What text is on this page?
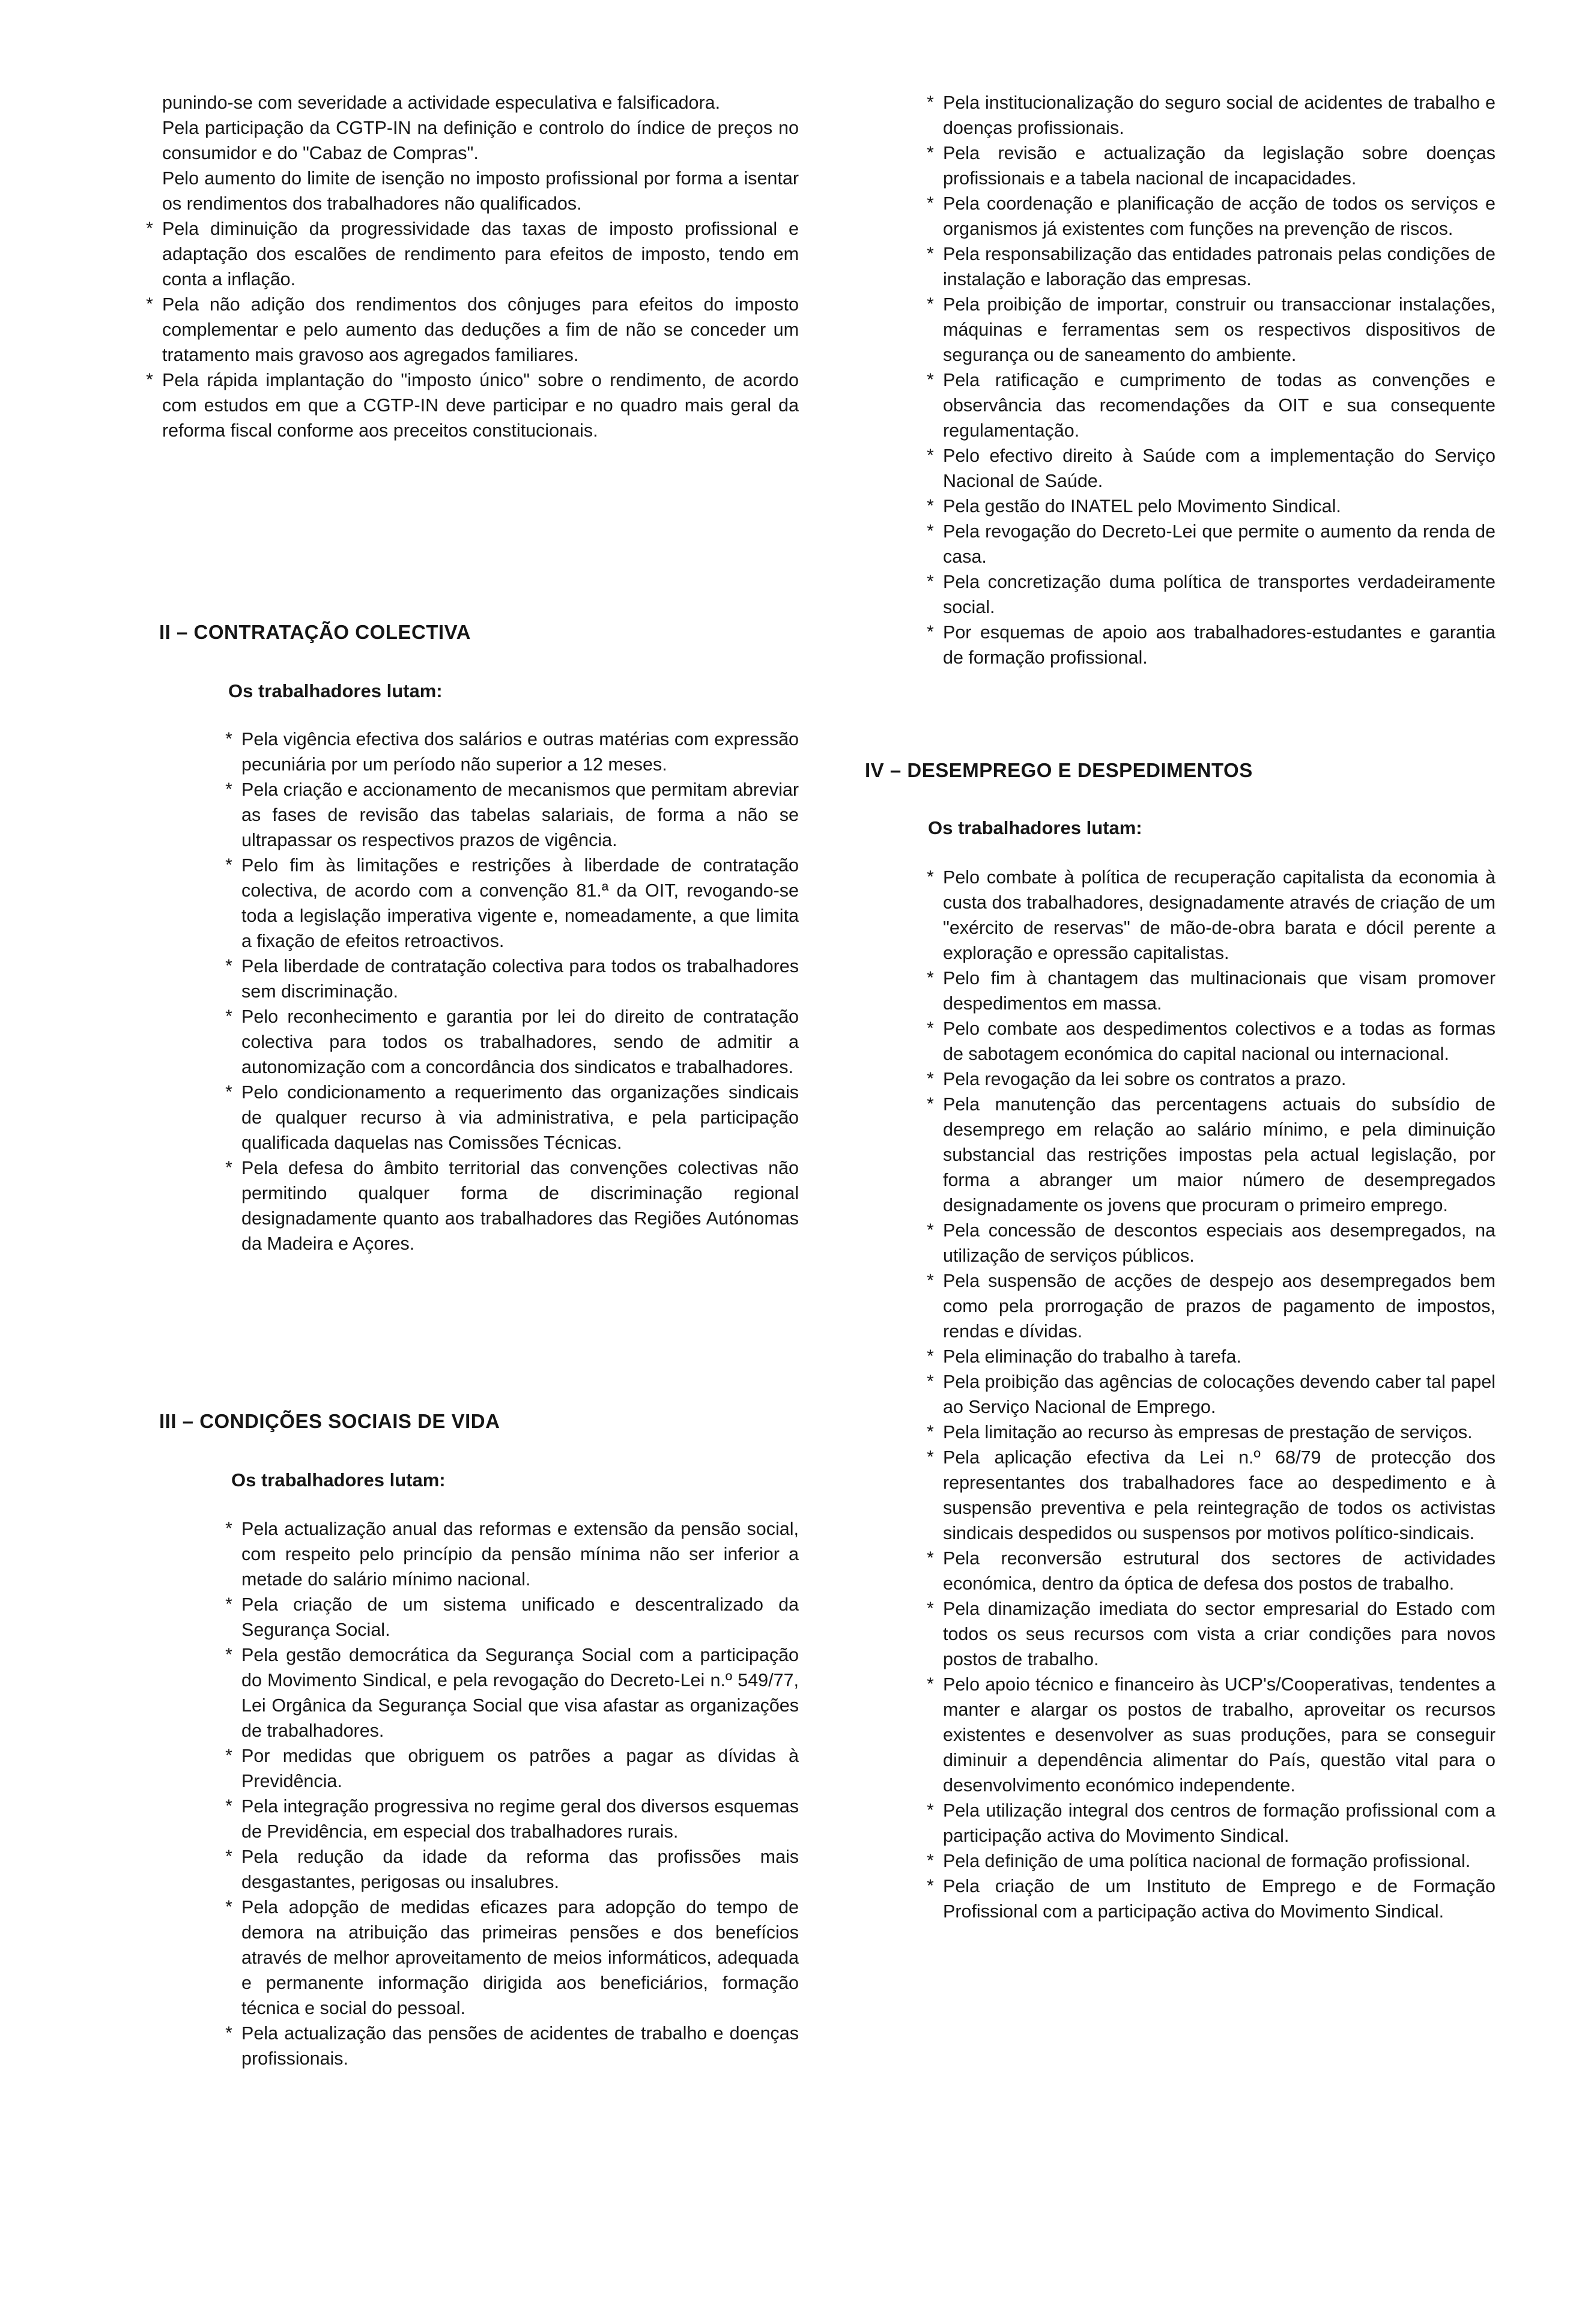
punindo-se com severidade a actividade especulativa e falsificadora.

Pela participação da CGTP-IN na definição e controlo do índice de preços no consumidor e do "Cabaz de Compras".

Pelo aumento do limite de isenção no imposto profissional por forma a isentar os rendimentos dos trabalhadores não qualificados.

* Pela diminuição da progressividade das taxas de imposto profissional e adaptação dos escalões de rendimento para efeitos de imposto, tendo em conta a inflação.

* Pela não adição dos rendimentos dos cônjuges para efeitos do imposto complementar e pelo aumento das deduções a fim de não se conceder um tratamento mais gravoso aos agregados familiares.

* Pela rápida implantação do "imposto único" sobre o rendimento, de acordo com estudos em que a CGTP-IN deve participar e no quadro mais geral da reforma fiscal conforme aos preceitos constitucionais.

II – CONTRATAÇÃO COLECTIVA
Os trabalhadores lutam:

* Pela vigência efectiva dos salários e outras matérias com expressão pecuniária por um período não superior a 12 meses.

* Pela criação e accionamento de mecanismos que permitam abreviar as fases de revisão das tabelas salariais, de forma a não se ultrapassar os respectivos prazos de vigência.

* Pelo fim às limitações e restrições à liberdade de contratação colectiva, de acordo com a convenção 81.ª da OIT, revogando-se toda a legislação imperativa vigente e, nomeadamente, a que limita a fixação de efeitos retroactivos.

* Pela liberdade de contratação colectiva para todos os trabalhadores sem discriminação.

* Pelo reconhecimento e garantia por lei do direito de contratação colectiva para todos os trabalhadores, sendo de admitir a autonomização com a concordância dos sindicatos e trabalhadores.

* Pelo condicionamento a requerimento das organizações sindicais de qualquer recurso à via administrativa, e pela participação qualificada daquelas nas Comissões Técnicas.

* Pela defesa do âmbito territorial das convenções colectivas não permitindo qualquer forma de discriminação regional designadamente quanto aos trabalhadores das Regiões Autónomas da Madeira e Açores.

III – CONDIÇÕES SOCIAIS DE VIDA
Os trabalhadores lutam:

* Pela actualização anual das reformas e extensão da pensão social, com respeito pelo princípio da pensão mínima não ser inferior a metade do salário mínimo nacional.

* Pela criação de um sistema unificado e descentralizado da Segurança Social.

* Pela gestão democrática da Segurança Social com a participação do Movimento Sindical, e pela revogação do Decreto-Lei n.º 549/77, Lei Orgânica da Segurança Social que visa afastar as organizações de trabalhadores.

* Por medidas que obriguem os patrões a pagar as dívidas à Previdência.

* Pela integração progressiva no regime geral dos diversos esquemas de Previdência, em especial dos trabalhadores rurais.

* Pela redução da idade da reforma das profissões mais desgastantes, perigosas ou insalubres.

* Pela adopção de medidas eficazes para adopção do tempo de demora na atribuição das primeiras pensões e dos benefícios através de melhor aproveitamento de meios informáticos, adequada e permanente informação dirigida aos beneficiários, formação técnica e social do pessoal.

* Pela actualização das pensões de acidentes de trabalho e doenças profissionais.

* Pela institucionalização do seguro social de acidentes de trabalho e doenças profissionais.

* Pela revisão e actualização da legislação sobre doenças profissionais e a tabela nacional de incapacidades.

* Pela coordenação e planificação de acção de todos os serviços e organismos já existentes com funções na prevenção de riscos.

* Pela responsabilização das entidades patronais pelas condições de instalação e laboração das empresas.

* Pela proibição de importar, construir ou transaccionar instalações, máquinas e ferramentas sem os respectivos dispositivos de segurança ou de saneamento do ambiente.

* Pela ratificação e cumprimento de todas as convenções e observância das recomendações da OIT e sua consequente regulamentação.

* Pelo efectivo direito à Saúde com a implementação do Serviço Nacional de Saúde.

* Pela gestão do INATEL pelo Movimento Sindical.

* Pela revogação do Decreto-Lei que permite o aumento da renda de casa.

* Pela concretização duma política de transportes verdadeiramente social.

* Por esquemas de apoio aos trabalhadores-estudantes e garantia de formação profissional.

IV – DESEMPREGO E DESPEDIMENTOS
Os trabalhadores lutam:

* Pelo combate à política de recuperação capitalista da economia à custa dos trabalhadores, designadamente através de criação de um "exército de reservas" de mão-de-obra barata e dócil perente a exploração e opressão capitalistas.

* Pelo fim à chantagem das multinacionais que visam promover despedimentos em massa.

* Pelo combate aos despedimentos colectivos e a todas as formas de sabotagem económica do capital nacional ou internacional.

* Pela revogação da lei sobre os contratos a prazo.

* Pela manutenção das percentagens actuais do subsídio de desemprego em relação ao salário mínimo, e pela diminuição substancial das restrições impostas pela actual legislação, por forma a abranger um maior número de desempregados designadamente os jovens que procuram o primeiro emprego.

* Pela concessão de descontos especiais aos desempregados, na utilização de serviços públicos.

* Pela suspensão de acções de despejo aos desempregados bem como pela prorrogação de prazos de pagamento de impostos, rendas e dívidas.

* Pela eliminação do trabalho à tarefa.

* Pela proibição das agências de colocações devendo caber tal papel ao Serviço Nacional de Emprego.

* Pela limitação ao recurso às empresas de prestação de serviços.

* Pela aplicação efectiva da Lei n.º 68/79 de protecção dos representantes dos trabalhadores face ao despedimento e à suspensão preventiva e pela reintegração de todos os activistas sindicais despedidos ou suspensos por motivos político-sindicais.

* Pela reconversão estrutural dos sectores de actividades económica, dentro da óptica de defesa dos postos de trabalho.

* Pela dinamização imediata do sector empresarial do Estado com todos os seus recursos com vista a criar condições para novos postos de trabalho.

* Pelo apoio técnico e financeiro às UCP's/Cooperativas, tendentes a manter e alargar os postos de trabalho, aproveitar os recursos existentes e desenvolver as suas produções, para se conseguir diminuir a dependência alimentar do País, questão vital para o desenvolvimento económico independente.

* Pela utilização integral dos centros de formação profissional com a participação activa do Movimento Sindical.

* Pela definição de uma política nacional de formação profissional.

* Pela criação de um Instituto de Emprego e de Formação Profissional com a participação activa do Movimento Sindical.
